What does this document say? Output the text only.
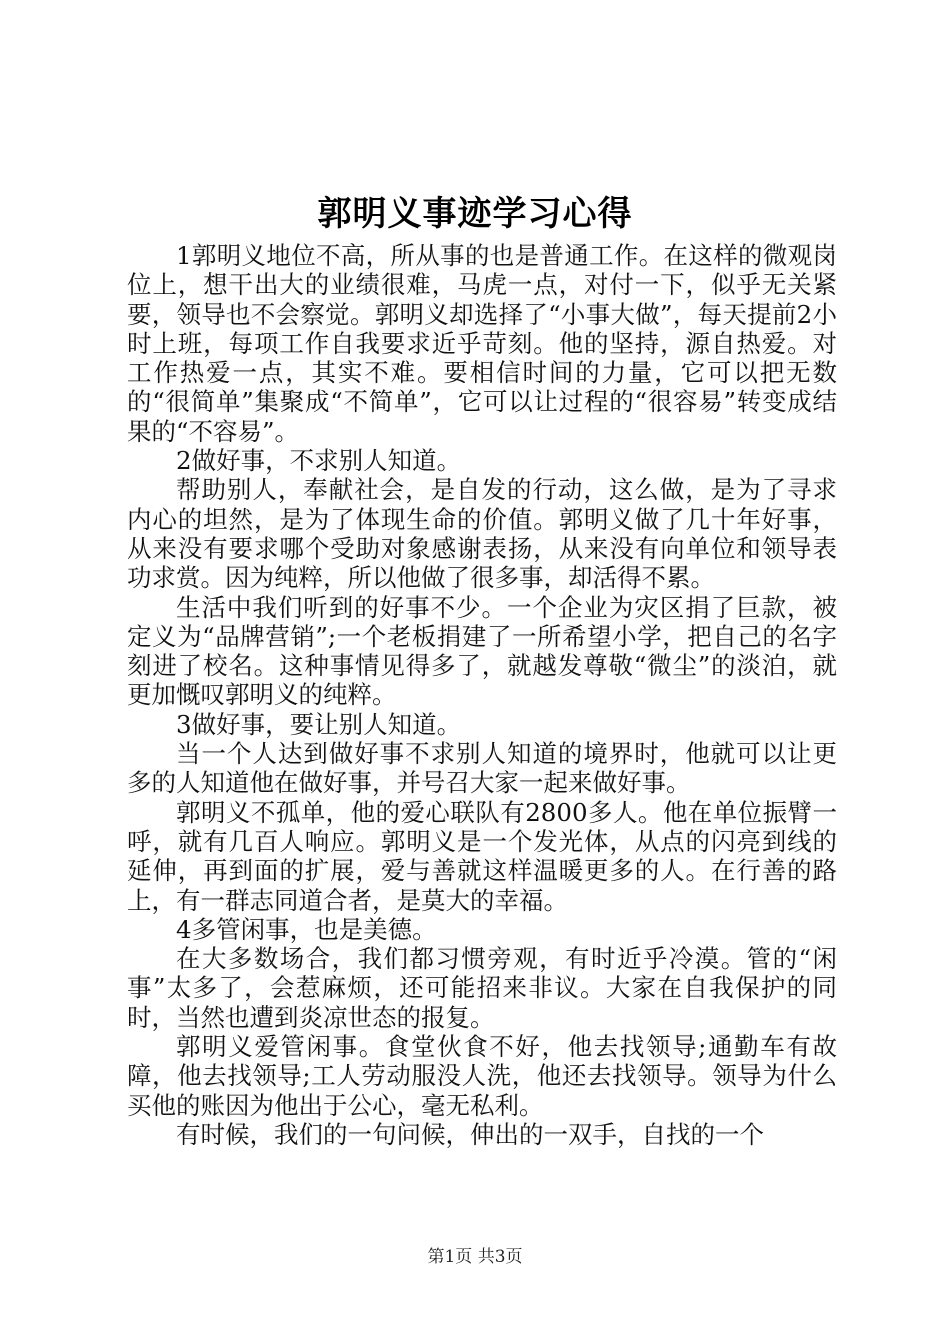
郭明义事迹学习心得

1郭明义地位不高，所从事的也是普通工作。在这样的微观岗位上，想干出大的业绩很难，马虎一点，对付一下，似乎无关紧要，领导也不会察觉。郭明义却选择了“小事大做”，每天提前2小时上班，每项工作自我要求近乎苛刻。他的坚持，源自热爱。对工作热爱一点，其实不难。要相信时间的力量，它可以把无数的“很简单”集聚成“不简单”，它可以让过程的“很容易”转变成结果的“不容易”。

2做好事，不求别人知道。

帮助别人，奉献社会，是自发的行动，这么做，是为了寻求内心的坦然，是为了体现生命的价值。郭明义做了几十年好事，从来没有要求哪个受助对象感谢表扬，从来没有向单位和领导表功求赏。因为纯粹，所以他做了很多事，却活得不累。

生活中我们听到的好事不少。一个企业为灾区捐了巨款，被定义为“品牌营销”;一个老板捐建了一所希望小学，把自己的名字刻进了校名。这种事情见得多了，就越发尊敬“微尘”的淡泊，就更加慨叹郭明义的纯粹。

3做好事，要让别人知道。

当一个人达到做好事不求别人知道的境界时，他就可以让更多的人知道他在做好事，并号召大家一起来做好事。

郭明义不孤单，他的爱心联队有2800多人。他在单位振臂一呼，就有几百人响应。郭明义是一个发光体，从点的闪亮到线的延伸，再到面的扩展，爱与善就这样温暖更多的人。在行善的路上，有一群志同道合者，是莫大的幸福。

4多管闲事，也是美德。

在大多数场合，我们都习惯旁观，有时近乎冷漠。管的“闲事”太多了，会惹麻烦，还可能招来非议。大家在自我保护的同时，当然也遭到炎凉世态的报复。

郭明义爱管闲事。食堂伙食不好，他去找领导;通勤车有故障，他去找领导;工人劳动服没人洗，他还去找领导。领导为什么买他的账因为他出于公心，毫无私利。

有时候，我们的一句问候，伸出的一双手，自找的一个

第1页 共3页
